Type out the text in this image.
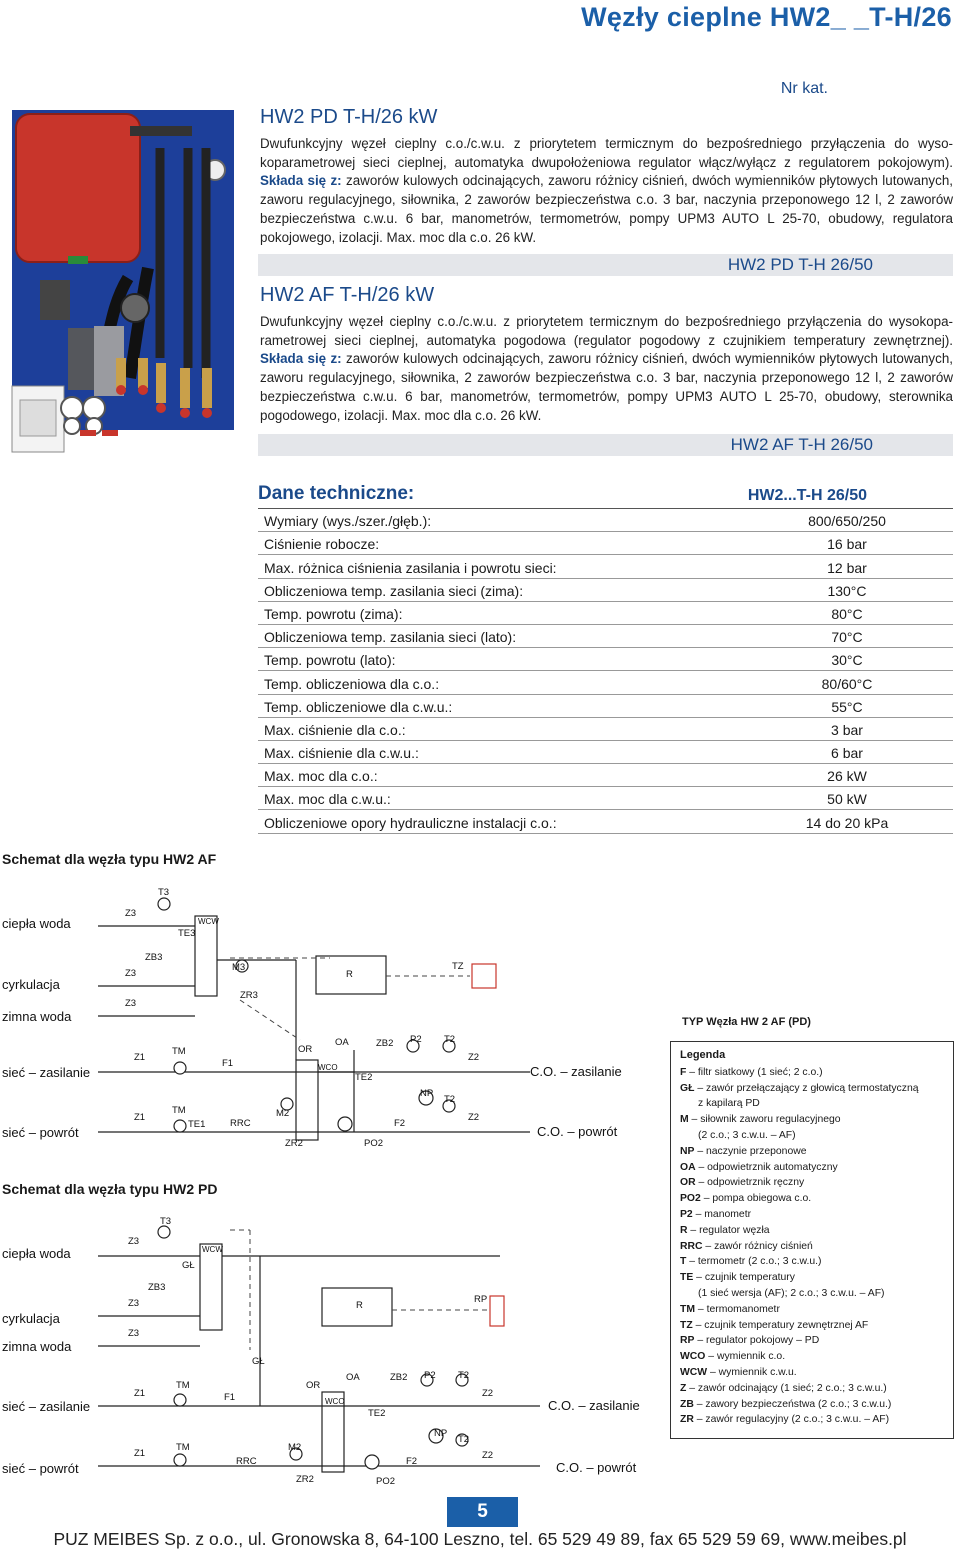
Węzły cieplne HW2_ _T-H/26
Nr kat.
HW2 PD T-H/26 kW
Dwufunkcyjny węzeł cieplny c.o./c.w.u. z priorytetem termicznym do bezpośredniego przyłączenia do wyso-koparametrowej sieci cieplnej, automatyka dwupołożeniowa regulator włącz/wyłącz z regulatorem pokojowym). Składa się z: zaworów kulowych odcinających, zaworu różnicy ciśnień, dwóch wymienników płytowych lutowanych, zaworu regulacyjnego, siłownika, 2 zaworów bezpieczeństwa c.o. 3 bar, naczynia przeponowego 12 l, 2 zaworów bezpieczeństwa c.w.u. 6 bar, manometrów, termometrów, pompy UPM3 AUTO L 25-70, obudowy, regulatora pokojowego, izolacji. Max. moc dla c.o. 26 kW.
HW2 PD T-H 26/50
HW2 AF T-H/26 kW
Dwufunkcyjny węzeł cieplny c.o./c.w.u. z priorytetem termicznym do bezpośredniego przyłączenia do wysokopa-rametrowej sieci cieplnej, automatyka pogodowa (regulator pogodowy z czujnikiem temperatury zewnętrznej). Składa się z: zaworów kulowych odcinających, zaworu różnicy ciśnień, dwóch wymienników płytowych lutowanych, zaworu regulacyjnego, siłownika, 2 zaworów bezpieczeństwa c.o. 3 bar, naczynia przeponowego 12 l, 2 zaworów bezpieczeństwa c.w.u. 6 bar, manometrów, termometrów, pompy UPM3 AUTO L 25-70, obudowy, sterownika pogodowego, izolacji. Max. moc dla c.o. 26 kW.
HW2 AF T-H 26/50
Dane techniczne:	HW2...T-H 26/50
Wymiary (wys./szer./głęb.):	800/650/250
Ciśnienie robocze:	16 bar
Max. różnica ciśnienia zasilania i powrotu sieci:	12 bar
Obliczeniowa temp. zasilania sieci (zima):	130°C
Temp. powrotu (zima):	80°C
Obliczeniowa temp. zasilania sieci (lato):	70°C
Temp. powrotu (lato):	30°C
Temp. obliczeniowa dla c.o.:	80/60°C
Temp. obliczeniowe dla c.w.u.:	55°C
Max. ciśnienie dla c.o.:	3 bar
Max. ciśnienie dla c.w.u.:	6 bar
Max. moc dla c.o.:	26 kW
Max. moc dla c.w.u.:	50 kW
Obliczeniowe opory hydrauliczne instalacji c.o.:	14 do 20 kPa
Schemat dla węzła typu HW2 AF
T3
TE3
WCW
ZB3
Z3
Z3
Z3
M3
ZR3
R
TZ
Z1
Z1
TM
TM
F1
TE1	RRC
M2
ZR2
OR
OA
WCO
TE2
ZB2 P2 T2
Z2
NP
T2
Z2
F2
PO2
ciepła woda
cyrkulacja
zimna woda
sieć – zasilanie
sieć – powrót
C.O. – zasilanie
C.O. – powrót
Schemat dla węzła typu HW2 PD
T3
WCW
GŁ
ZB3
Z3
Z3
Z3
GŁ
R
RP
Z1
Z1
TM
TM
F1
RRC
M2
ZR2
OR
OA
WCO
TE2
ZB2 P2 T2
Z2
NP
T2
Z2
F2
PO2
ciepła woda
cyrkulacja
zimna woda
sieć – zasilanie
sieć – powrót
C.O. – zasilanie
C.O. – powrót
TYP Węzła HW 2 AF (PD)
Legenda
F – filtr siatkowy (1 sieć; 2 c.o.)
GŁ – zawór przełączający z głowicą termostatyczną
z kapilarą PD
M – siłownik zaworu regulacyjnego
(2 c.o.; 3 c.w.u. – AF)
NP – naczynie przeponowe
OA – odpowietrznik automatyczny
OR – odpowietrznik ręczny
PO2 – pompa obiegowa c.o.
P2 – manometr
R – regulator węzła
RRC – zawór różnicy ciśnień
T – termometr (2 c.o.; 3 c.w.u.)
TE – czujnik temperatury
(1 sieć wersja (AF); 2 c.o.; 3 c.w.u. – AF)
TM – termomanometr
TZ – czujnik temperatury zewnętrznej AF
RP – regulator pokojowy – PD
WCO – wymiennik c.o.
WCW – wymiennik c.w.u.
Z – zawór odcinający (1 sieć; 2 c.o.; 3 c.w.u.)
ZB – zawory bezpieczeństwa (2 c.o.; 3 c.w.u.)
ZR – zawór regulacyjny (2 c.o.; 3 c.w.u. – AF)
5
PUZ MEIBES Sp. z o.o., ul. Gronowska 8, 64-100 Leszno, tel. 65 529 49 89, fax 65 529 59 69, www.meibes.pl
